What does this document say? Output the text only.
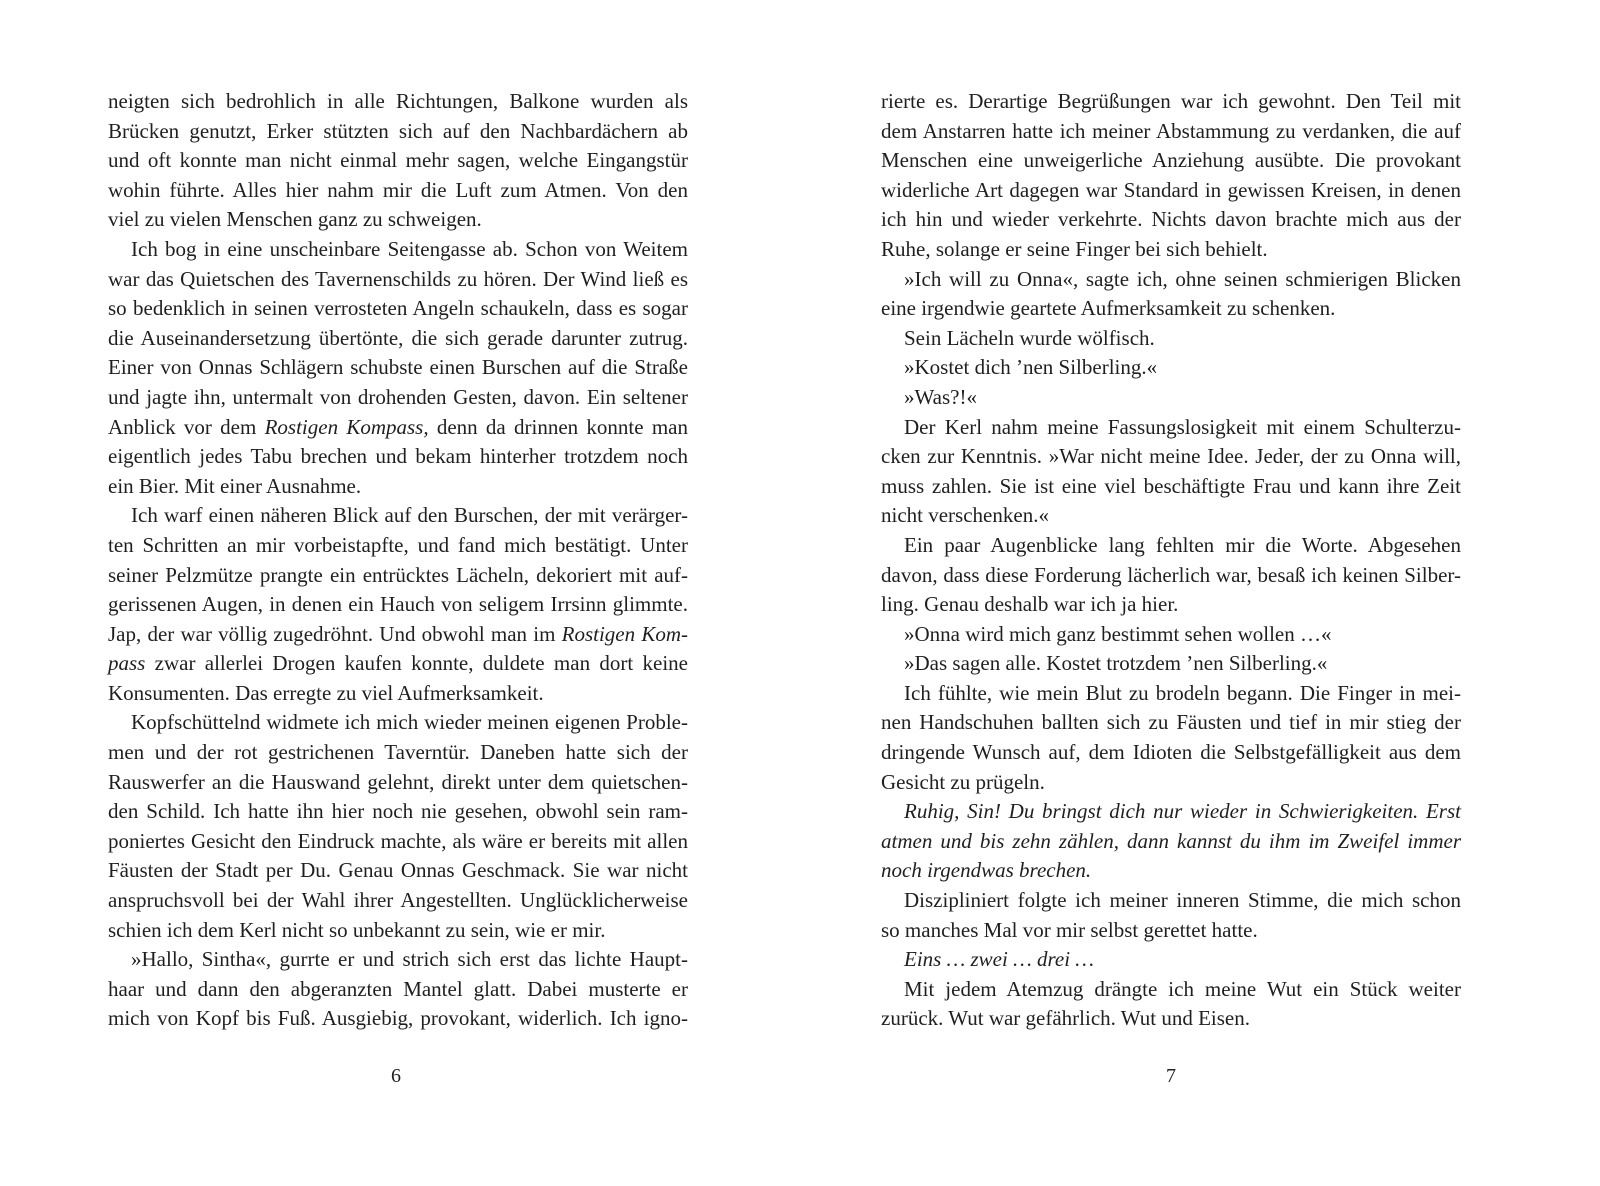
neigten sich bedrohlich in alle Richtungen, Balkone wurden als
Brücken genutzt, Erker stützten sich auf den Nachbardächern ab
und oft konnte man nicht einmal mehr sagen, welche Eingangstür
wohin führte. Alles hier nahm mir die Luft zum Atmen. Von den
viel zu vielen Menschen ganz zu schweigen.
Ich bog in eine unscheinbare Seitengasse ab. Schon von Weitem
war das Quietschen des Tavernenschilds zu hören. Der Wind ließ es
so bedenklich in seinen verrosteten Angeln schaukeln, dass es sogar
die Auseinandersetzung übertönte, die sich gerade darunter zutrug.
Einer von Onnas Schlägern schubste einen Burschen auf die Straße
und jagte ihn, untermalt von drohenden Gesten, davon. Ein seltener
Anblick vor dem Rostigen Kompass, denn da drinnen konnte man
eigentlich jedes Tabu brechen und bekam hinterher trotzdem noch
ein Bier. Mit einer Ausnahme.
Ich warf einen näheren Blick auf den Burschen, der mit verärger-
ten Schritten an mir vorbeistapfte, und fand mich bestätigt. Unter
seiner Pelzmütze prangte ein entrücktes Lächeln, dekoriert mit auf-
gerissenen Augen, in denen ein Hauch von seligem Irrsinn glimmte.
Jap, der war völlig zugedröhnt. Und obwohl man im Rostigen Kom-
pass zwar allerlei Drogen kaufen konnte, duldete man dort keine
Konsumenten. Das erregte zu viel Aufmerksamkeit.
Kopfschüttelnd widmete ich mich wieder meinen eigenen Proble-
men und der rot gestrichenen Taverntür. Daneben hatte sich der
Rauswerfer an die Hauswand gelehnt, direkt unter dem quietschen-
den Schild. Ich hatte ihn hier noch nie gesehen, obwohl sein ram-
poniertes Gesicht den Eindruck machte, als wäre er bereits mit allen
Fäusten der Stadt per Du. Genau Onnas Geschmack. Sie war nicht
anspruchsvoll bei der Wahl ihrer Angestellten. Unglücklicherweise
schien ich dem Kerl nicht so unbekannt zu sein, wie er mir.
»Hallo, Sintha«, gurrte er und strich sich erst das lichte Haupt-
haar und dann den abgeranzten Mantel glatt. Dabei musterte er
mich von Kopf bis Fuß. Ausgiebig, provokant, widerlich. Ich igno-
6
rierte es. Derartige Begrüßungen war ich gewohnt. Den Teil mit
dem Anstarren hatte ich meiner Abstammung zu verdanken, die auf
Menschen eine unweigerliche Anziehung ausübte. Die provokant
widerliche Art dagegen war Standard in gewissen Kreisen, in denen
ich hin und wieder verkehrte. Nichts davon brachte mich aus der
Ruhe, solange er seine Finger bei sich behielt.
»Ich will zu Onna«, sagte ich, ohne seinen schmierigen Blicken
eine irgendwie geartete Aufmerksamkeit zu schenken.
Sein Lächeln wurde wölfisch.
»Kostet dich ’nen Silberling.«
»Was?!«
Der Kerl nahm meine Fassungslosigkeit mit einem Schulterzu-
cken zur Kenntnis. »War nicht meine Idee. Jeder, der zu Onna will,
muss zahlen. Sie ist eine viel beschäftigte Frau und kann ihre Zeit
nicht verschenken.«
Ein paar Augenblicke lang fehlten mir die Worte. Abgesehen
davon, dass diese Forderung lächerlich war, besaß ich keinen Silber-
ling. Genau deshalb war ich ja hier.
»Onna wird mich ganz bestimmt sehen wollen …«
»Das sagen alle. Kostet trotzdem ’nen Silberling.«
Ich fühlte, wie mein Blut zu brodeln begann. Die Finger in mei-
nen Handschuhen ballten sich zu Fäusten und tief in mir stieg der
dringende Wunsch auf, dem Idioten die Selbstgefälligkeit aus dem
Gesicht zu prügeln.
Ruhig, Sin! Du bringst dich nur wieder in Schwierigkeiten. Erst
atmen und bis zehn zählen, dann kannst du ihm im Zweifel immer
noch irgendwas brechen.
Diszipliniert folgte ich meiner inneren Stimme, die mich schon
so manches Mal vor mir selbst gerettet hatte.
Eins … zwei … drei …
Mit jedem Atemzug drängte ich meine Wut ein Stück weiter
zurück. Wut war gefährlich. Wut und Eisen.
7
